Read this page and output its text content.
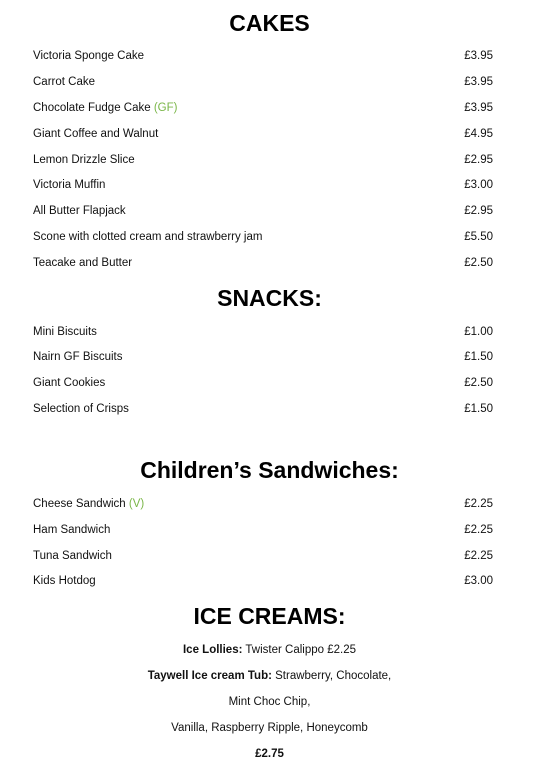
CAKES
Victoria Sponge Cake	£3.95
Carrot Cake	£3.95
Chocolate Fudge Cake (GF)	£3.95
Giant Coffee and Walnut	£4.95
Lemon Drizzle Slice	£2.95
Victoria Muffin	£3.00
All Butter Flapjack	£2.95
Scone with clotted cream and strawberry jam	£5.50
Teacake and Butter	£2.50
SNACKS:
Mini Biscuits	£1.00
Nairn GF Biscuits	£1.50
Giant Cookies	£2.50
Selection of Crisps	£1.50
Children’s Sandwiches:
Cheese Sandwich (V)	£2.25
Ham Sandwich	£2.25
Tuna Sandwich	£2.25
Kids Hotdog	£3.00
ICE CREAMS:
Ice Lollies: Twister Calippo £2.25
Taywell Ice cream Tub: Strawberry, Chocolate,
Mint Choc Chip,
Vanilla, Raspberry Ripple, Honeycomb
£2.75
